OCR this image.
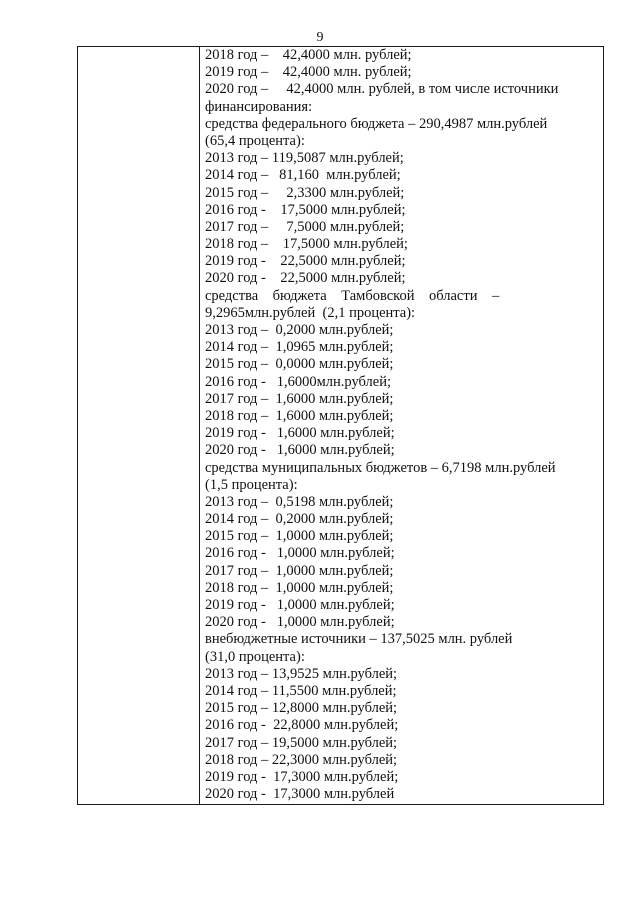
9
2018 год –    42,4000 млн. рублей;
2019 год –    42,4000 млн. рублей;
2020 год –     42,4000 млн. рублей, в том числе источники
финансирования:
средства федерального бюджета – 290,4987 млн.рублей
(65,4 процента):
2013 год – 119,5087 млн.рублей;
2014 год –   81,160  млн.рублей;
2015 год –     2,3300 млн.рублей;
2016 год -    17,5000 млн.рублей;
2017 год –     7,5000 млн.рублей;
2018 год –    17,5000 млн.рублей;
2019 год -    22,5000 млн.рублей;
2020 год -    22,5000 млн.рублей;
средства    бюджета    Тамбовской    области    –
9,2965млн.рублей  (2,1 процента):
2013 год –  0,2000 млн.рублей;
2014 год –  1,0965 млн.рублей;
2015 год –  0,0000 млн.рублей;
2016 год -   1,6000млн.рублей;
2017 год –  1,6000 млн.рублей;
2018 год –  1,6000 млн.рублей;
2019 год -   1,6000 млн.рублей;
2020 год -   1,6000 млн.рублей;
средства муниципальных бюджетов – 6,7198 млн.рублей
(1,5 процента):
2013 год –  0,5198 млн.рублей;
2014 год –  0,2000 млн.рублей;
2015 год –  1,0000 млн.рублей;
2016 год -   1,0000 млн.рублей;
2017 год –  1,0000 млн.рублей;
2018 год –  1,0000 млн.рублей;
2019 год -   1,0000 млн.рублей;
2020 год -   1,0000 млн.рублей;
внебюджетные источники – 137,5025 млн. рублей
(31,0 процента):
2013 год – 13,9525 млн.рублей;
2014 год – 11,5500 млн.рублей;
2015 год – 12,8000 млн.рублей;
2016 год -  22,8000 млн.рублей;
2017 год – 19,5000 млн.рублей;
2018 год – 22,3000 млн.рублей;
2019 год -  17,3000 млн.рублей;
2020 год -  17,3000 млн.рублей
